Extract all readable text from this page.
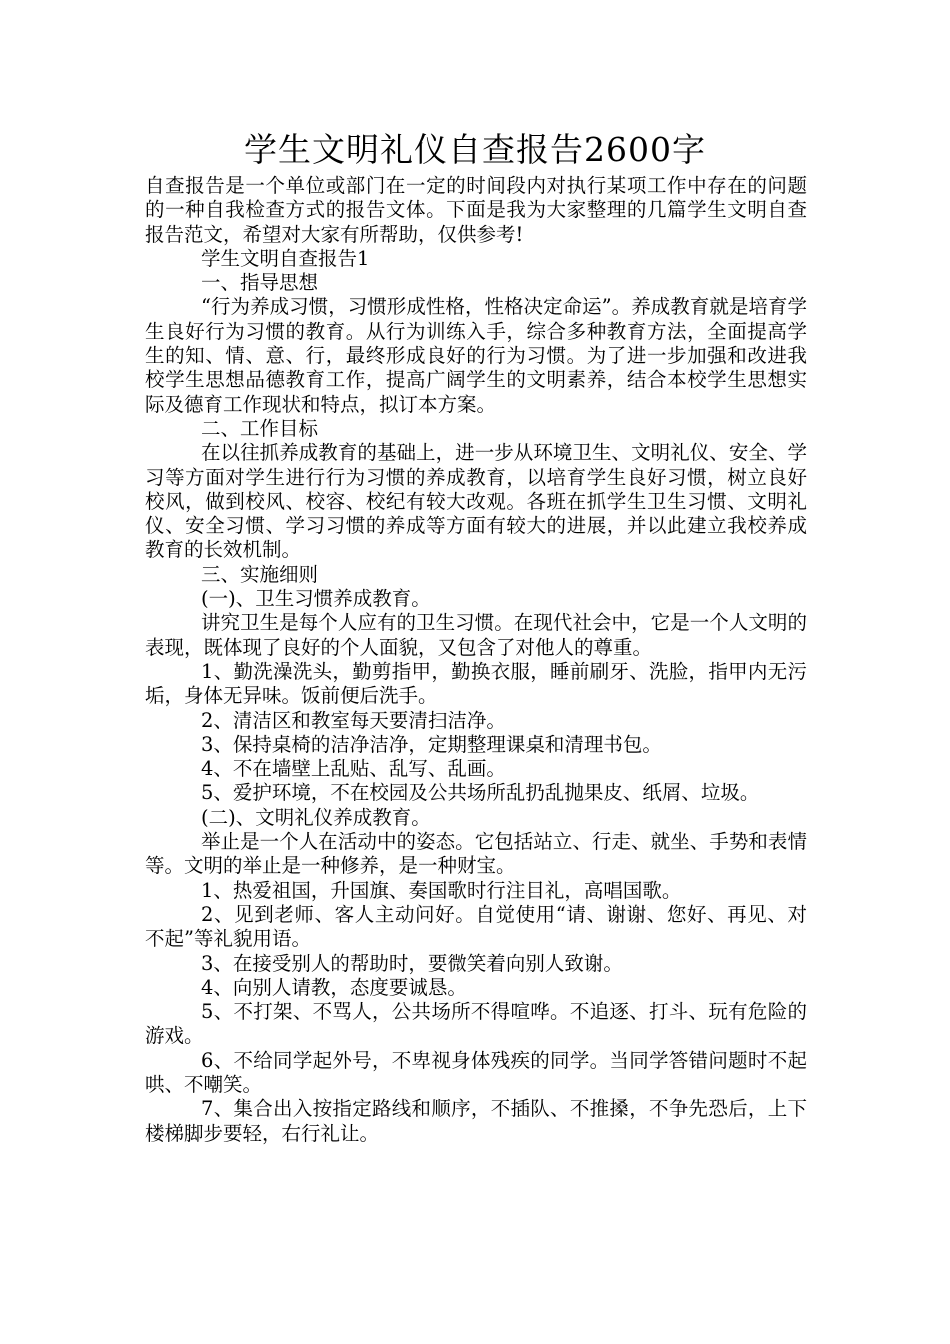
学生文明礼仪自查报告2600字

自查报告是一个单位或部门在一定的时间段内对执行某项工作中存在的问题的一种自我检查方式的报告文体。下面是我为大家整理的几篇学生文明自查报告范文，希望对大家有所帮助，仅供参考!

学生文明自查报告1

一、指导思想

“行为养成习惯，习惯形成性格，性格决定命运”。养成教育就是培育学生良好行为习惯的教育。从行为训练入手，综合多种教育方法，全面提高学生的知、情、意、行，最终形成良好的行为习惯。为了进一步加强和改进我校学生思想品德教育工作，提高广阔学生的文明素养，结合本校学生思想实际及德育工作现状和特点，拟订本方案。

二、工作目标

在以往抓养成教育的基础上，进一步从环境卫生、文明礼仪、安全、学习等方面对学生进行行为习惯的养成教育，以培育学生良好习惯，树立良好校风，做到校风、校容、校纪有较大改观。各班在抓学生卫生习惯、文明礼仪、安全习惯、学习习惯的养成等方面有较大的进展，并以此建立我校养成教育的长效机制。

三、实施细则

(一)、卫生习惯养成教育。

讲究卫生是每个人应有的卫生习惯。在现代社会中，它是一个人文明的表现，既体现了良好的个人面貌，又包含了对他人的尊重。

1、勤洗澡洗头，勤剪指甲，勤换衣服，睡前刷牙、洗脸，指甲内无污垢，身体无异味。饭前便后洗手。

2、清洁区和教室每天要清扫洁净。

3、保持桌椅的洁净洁净，定期整理课桌和清理书包。

4、不在墙壁上乱贴、乱写、乱画。

5、爱护环境，不在校园及公共场所乱扔乱抛果皮、纸屑、垃圾。

(二)、文明礼仪养成教育。

举止是一个人在活动中的姿态。它包括站立、行走、就坐、手势和表情等。文明的举止是一种修养，是一种财宝。

1、热爱祖国，升国旗、奏国歌时行注目礼，高唱国歌。

2、见到老师、客人主动问好。自觉使用“请、谢谢、您好、再见、对不起”等礼貌用语。

3、在接受别人的帮助时，要微笑着向别人致谢。

4、向别人请教，态度要诚恳。

5、不打架、不骂人，公共场所不得喧哗。不追逐、打斗、玩有危险的游戏。

6、不给同学起外号，不卑视身体残疾的同学。当同学答错问题时不起哄、不嘲笑。

7、集合出入按指定路线和顺序，不插队、不推搡，不争先恐后，上下楼梯脚步要轻，右行礼让。
